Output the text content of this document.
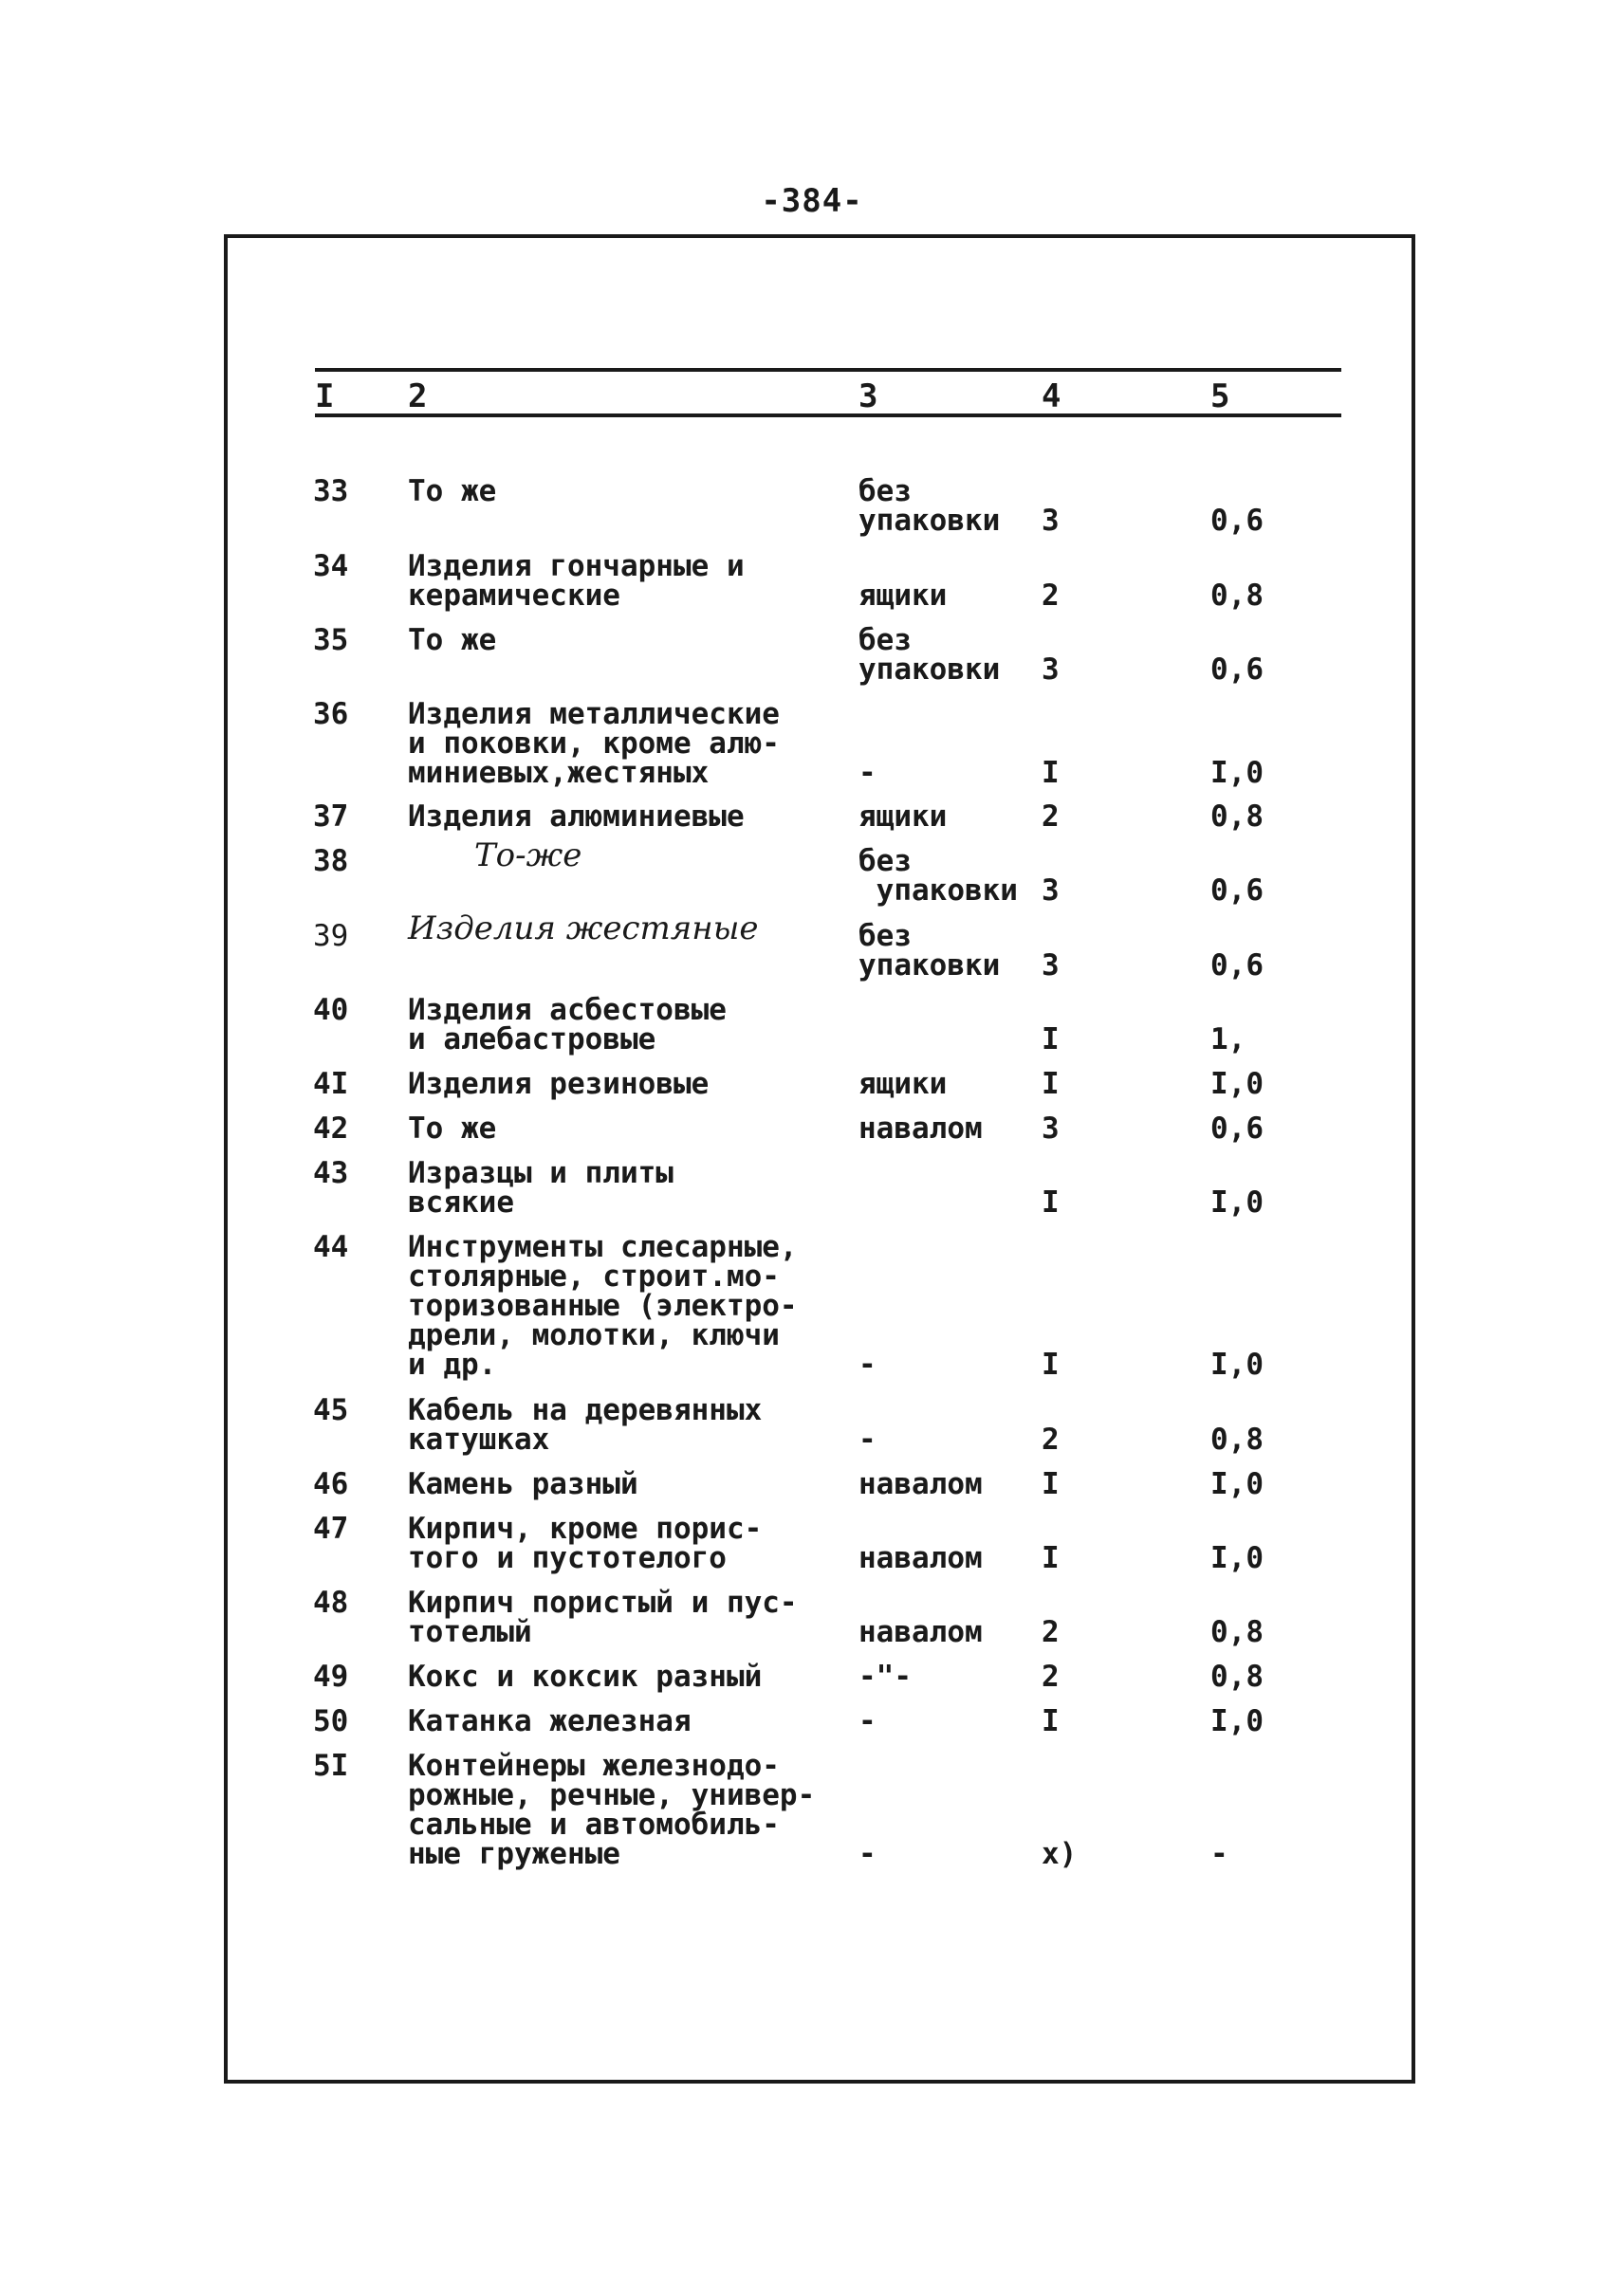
-384-
I 2	3	4	5
33 То же	без
упаковки 3	0,6
34 Изделия гончарные и
керамические	ящики	2	0,8
35 То же	без
упаковки 3	0,6
36 Изделия металлические
и поковки, кроме алю-
миниевых,жестяных	-	I	I,0
37 Изделия алюминиевые	ящики	2	0,8
38	То-же	без
упаковки 3	0,6
39 Изделия жестяные	без
упаковки 3	0,6
40 Изделия асбестовые
и алебастровые	I	1,
4I Изделия резиновые	ящики	I	I,0
42 То же	навалом 3	0,6
43 Изразцы и плиты
всякие	I	I,0
44 Инструменты слесарные,
столярные, строит.мо-
торизованные (электро-
дрели, молотки, ключи
и др.	-	I	I,0
45 Кабель на деревянных
катушках	-	2	0,8
46 Камень разный	навалом I	I,0
47 Кирпич, кроме порис-
того и пустотелого	навалом I	I,0
48 Кирпич пористый и пус-
тотелый	навалом 2	0,8
49 Кокс и коксик разный	-"-	2	0,8
50 Катанка железная	-	I	I,0
5I Контейнеры железнодо-
рожные, речные, универ-
сальные и автомобиль-
ные груженые	-	x)	-
